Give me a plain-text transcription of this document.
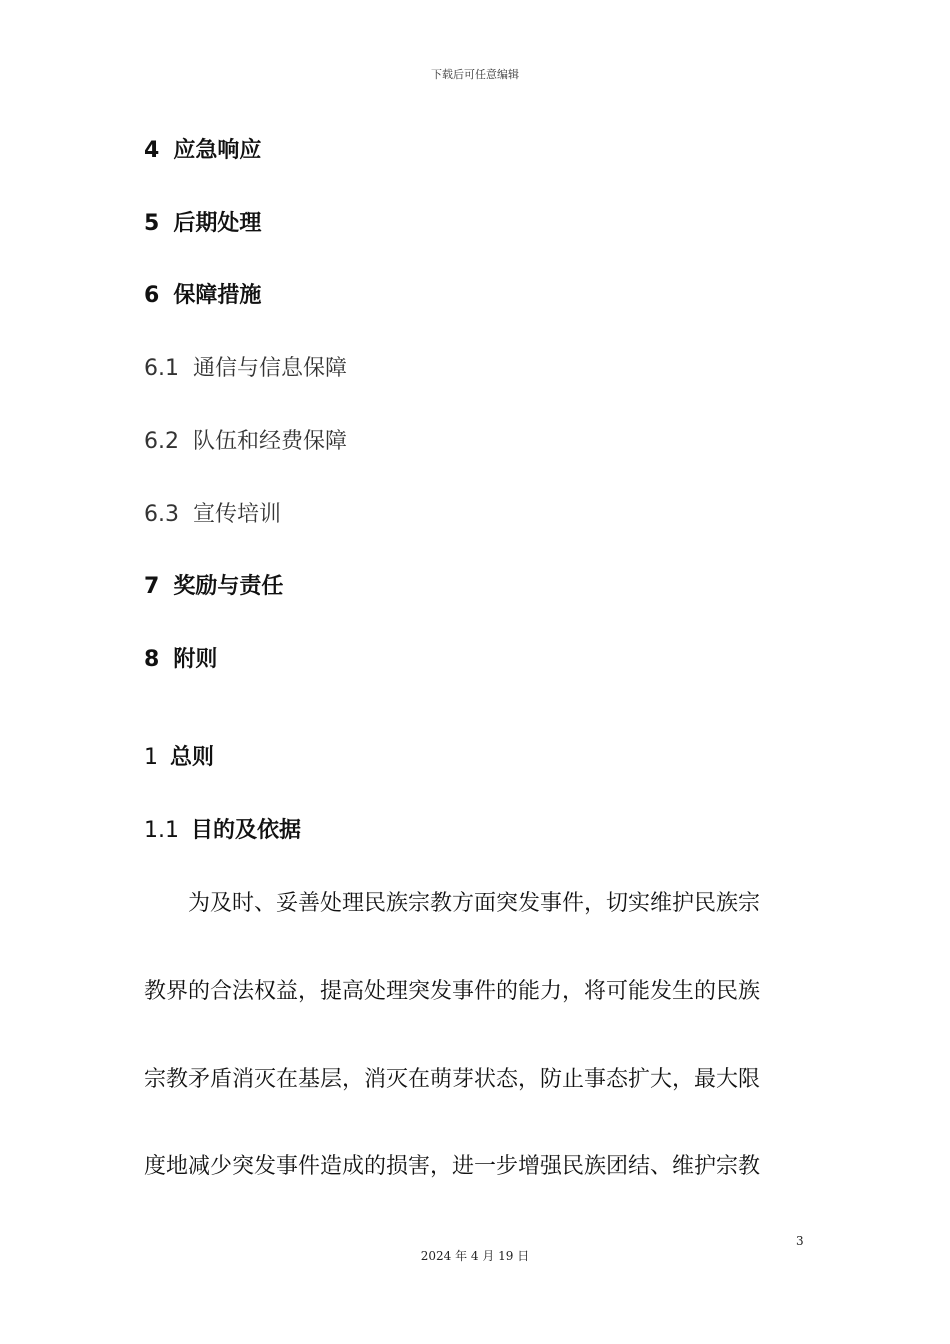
下载后可任意编辑
4 应急响应
5 后期处理
6 保障措施
6.1 通信与信息保障
6.2 队伍和经费保障
6.3 宣传培训
7 奖励与责任
8 附则
1 总则
1.1 目的及依据
　　为及时、妥善处理民族宗教方面突发事件，切实维护民族宗
教界的合法权益，提高处理突发事件的能力，将可能发生的民族
宗教矛盾消灭在基层，消灭在萌芽状态，防止事态扩大，最大限
度地减少突发事件造成的损害，进一步增强民族团结、维护宗教
3
2024 年 4 月 19 日
